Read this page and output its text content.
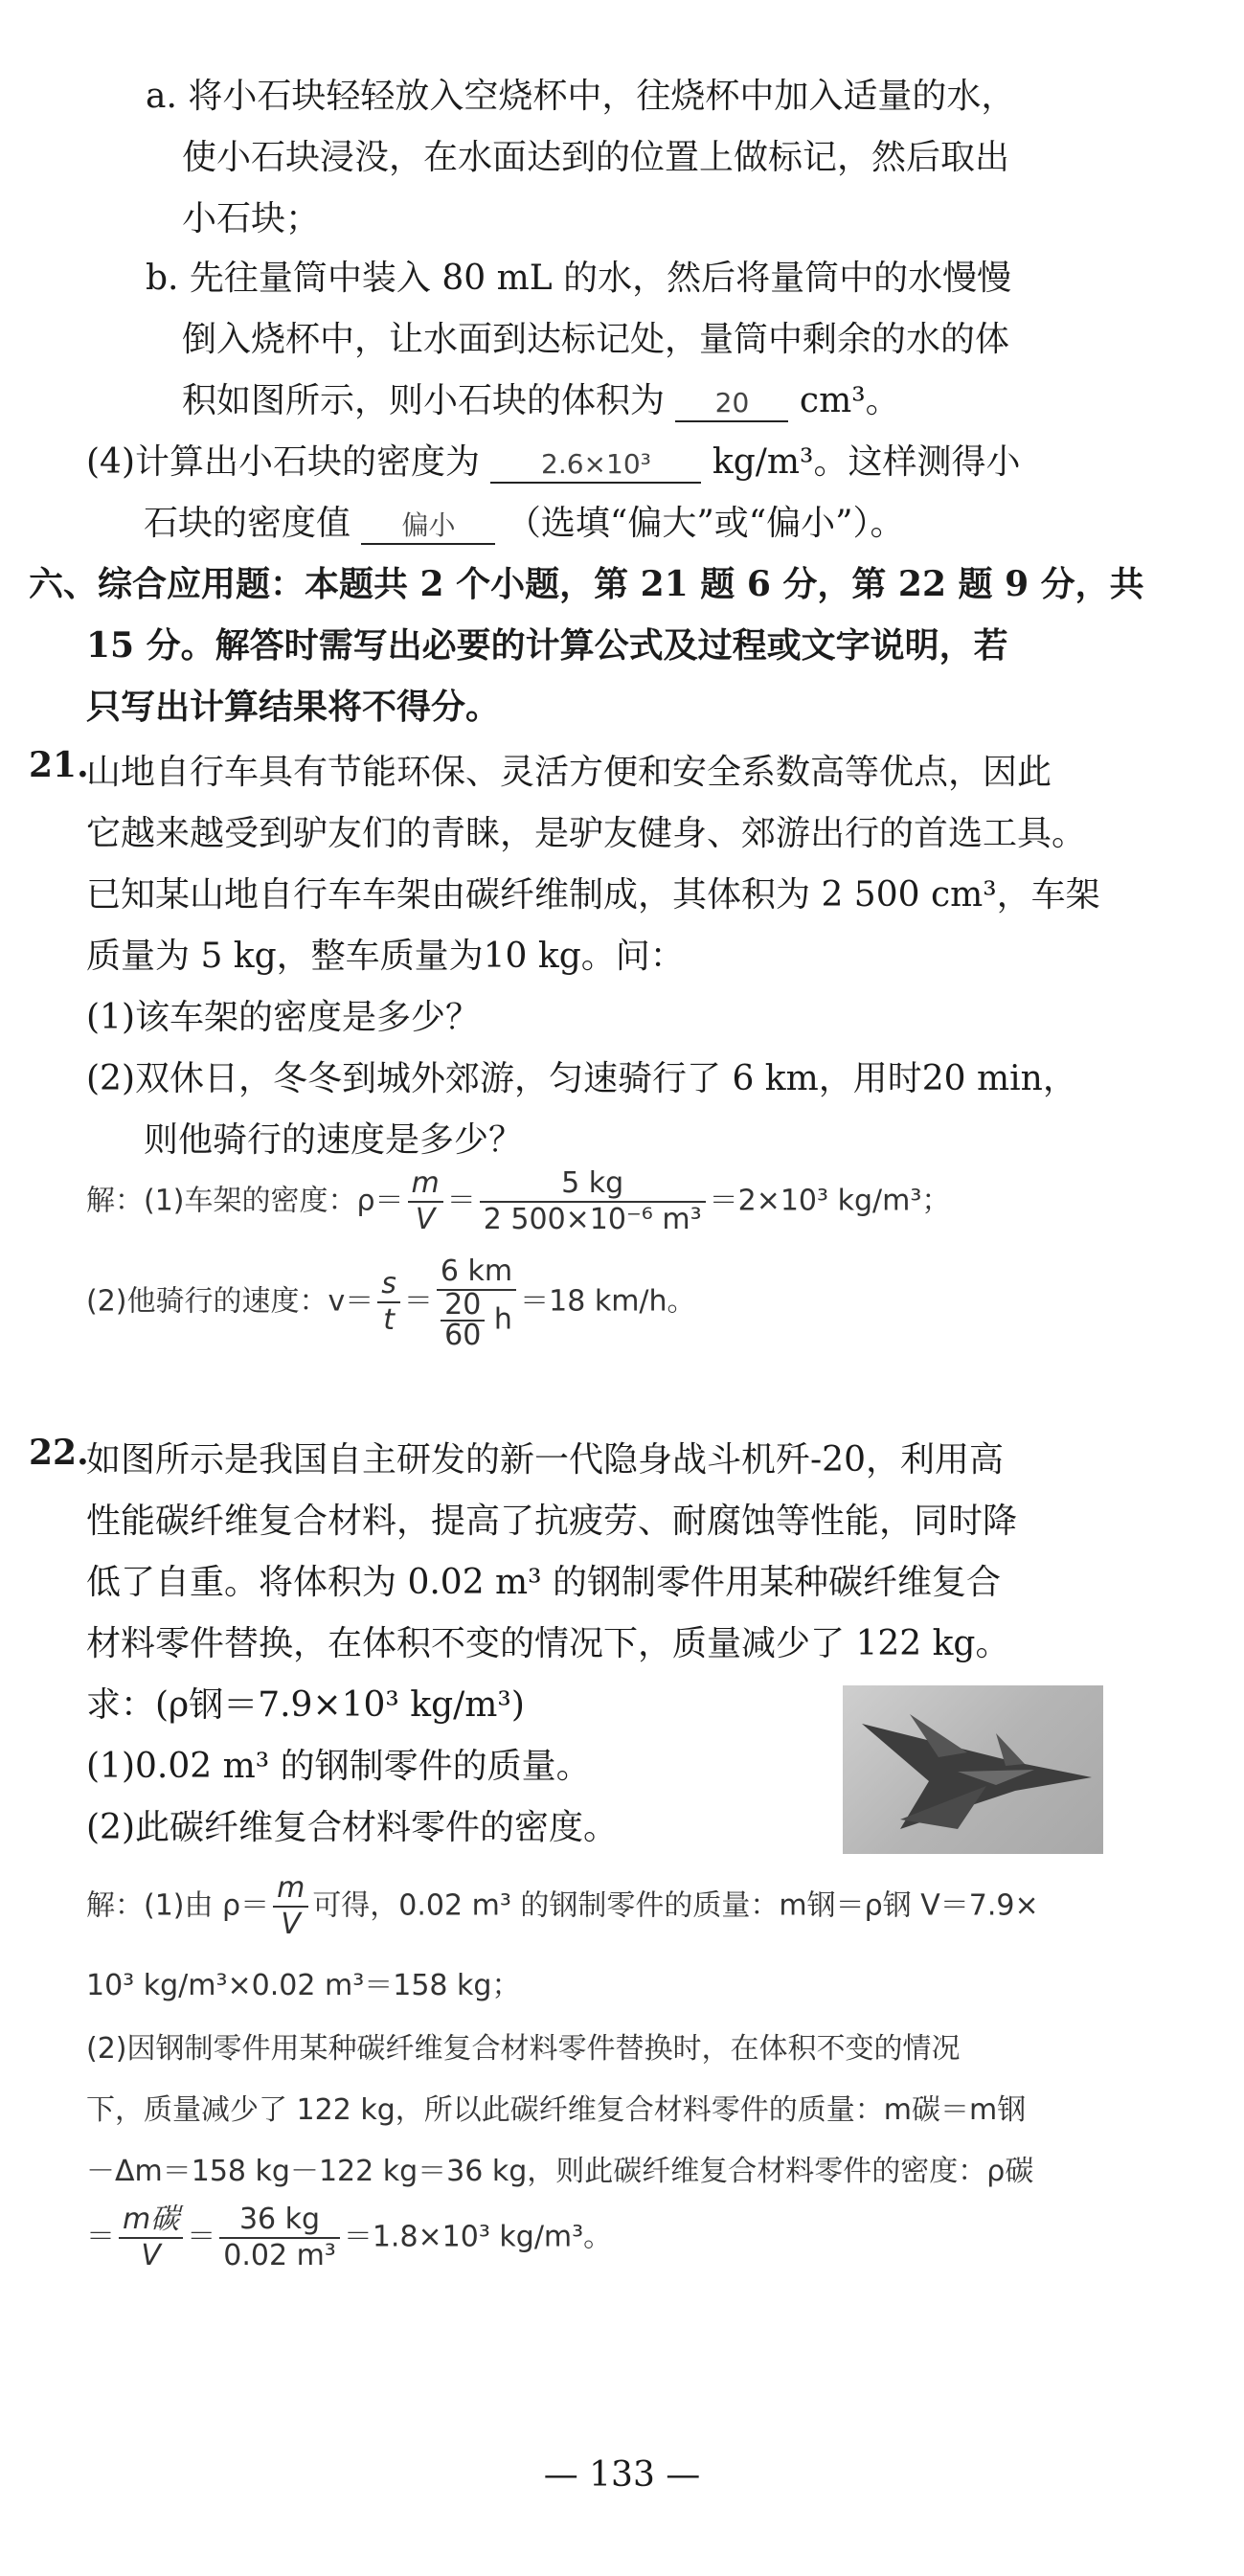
a. 将小石块轻轻放入空烧杯中，往烧杯中加入适量的水，
使小石块浸没，在水面达到的位置上做标记，然后取出
小石块；
b. 先往量筒中装入 80 mL 的水，然后将量筒中的水慢慢
倒入烧杯中，让水面到达标记处，量筒中剩余的水的体
积如图所示，则小石块的体积为 20 cm³。
(4)计算出小石块的密度为 2.6×10³ kg/m³。这样测得小
石块的密度值 偏小 （选填“偏大”或“偏小”）。
六、综合应用题：本题共 2 个小题，第 21 题 6 分，第 22 题 9 分，共
15 分。解答时需写出必要的计算公式及过程或文字说明，若
只写出计算结果将不得分。
21.
山地自行车具有节能环保、灵活方便和安全系数高等优点，因此
它越来越受到驴友们的青睐，是驴友健身、郊游出行的首选工具。
已知某山地自行车车架由碳纤维制成，其体积为 2 500 cm³，车架
质量为 5 kg，整车质量为10 kg。问：
(1)该车架的密度是多少？
(2)双休日，冬冬到城外郊游，匀速骑行了 6 km，用时20 min，
则他骑行的速度是多少？
解：(1)车架的密度：$\rho= \frac{m}{V} = \frac{5 kg}{\text{2 500×10⁻⁶ m³}} =2\times 10^3$ kg/m³；
(2)他骑行的速度：$v= \frac{s}{t} = \frac{6 km}{\frac{20}{60} h} =18$ km/h。
22.
如图所示是我国自主研发的新一代隐身战斗机歼-20，利用高
性能碳纤维复合材料，提高了抗疲劳、耐腐蚀等性能，同时降
低了自重。将体积为 0.02 m³ 的钢制零件用某种碳纤维复合
材料零件替换，在体积不变的情况下，质量减少了 122 kg。
求：(ρ钢＝7.9×10³ kg/m³)
(1)0.02 m³ 的钢制零件的质量。
(2)此碳纤维复合材料零件的密度。
解：(1)由 $\rho= \frac{m}{V}$ 可得，0.02 m³ 的钢制零件的质量：m钢＝ρ钢 V＝7.9×
10³ kg/m³×0.02 m³＝158 kg；
(2)因钢制零件用某种碳纤维复合材料零件替换时，在体积不变的情况
下，质量减少了 122 kg，所以此碳纤维复合材料零件的质量：m碳＝m钢
－Δm＝158 kg－122 kg＝36 kg，则此碳纤维复合材料零件的密度：ρ碳
＝ $\frac{\text{m碳}}{V} = \frac{36 kg}{\text{0.02 m³}} =1.8\times 10^3$ kg/m³。
— 133 —
